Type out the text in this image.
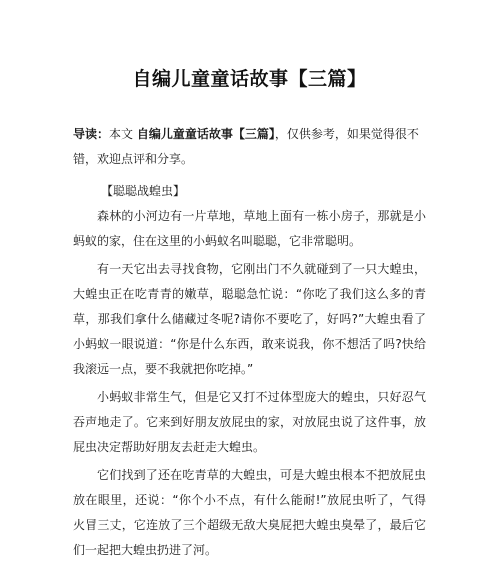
自编儿童童话故事【三篇】

导读：本文 自编儿童童话故事【三篇】，仅供参考，如果觉得很不错，欢迎点评和分享。

【聪聪战蝗虫】

森林的小河边有一片草地，草地上面有一栋小房子，那就是小蚂蚁的家，住在这里的小蚂蚁名叫聪聪，它非常聪明。

有一天它出去寻找食物，它刚出门不久就碰到了一只大蝗虫，大蝗虫正在吃青青的嫩草，聪聪急忙说：“你吃了我们这么多的青草，那我们拿什么储藏过冬呢?请你不要吃了，好吗?”大蝗虫看了小蚂蚁一眼说道：“你是什么东西，敢来说我，你不想活了吗?快给我滚远一点，要不我就把你吃掉。”

小蚂蚁非常生气，但是它又打不过体型庞大的蝗虫，只好忍气吞声地走了。它来到好朋友放屁虫的家，对放屁虫说了这件事，放屁虫决定帮助好朋友去赶走大蝗虫。

它们找到了还在吃青草的大蝗虫，可是大蝗虫根本不把放屁虫放在眼里，还说：“你个小不点，有什么能耐!”放屁虫听了，气得火冒三丈，它连放了三个超级无敌大臭屁把大蝗虫臭晕了，最后它们一起把大蝗虫扔进了河。
